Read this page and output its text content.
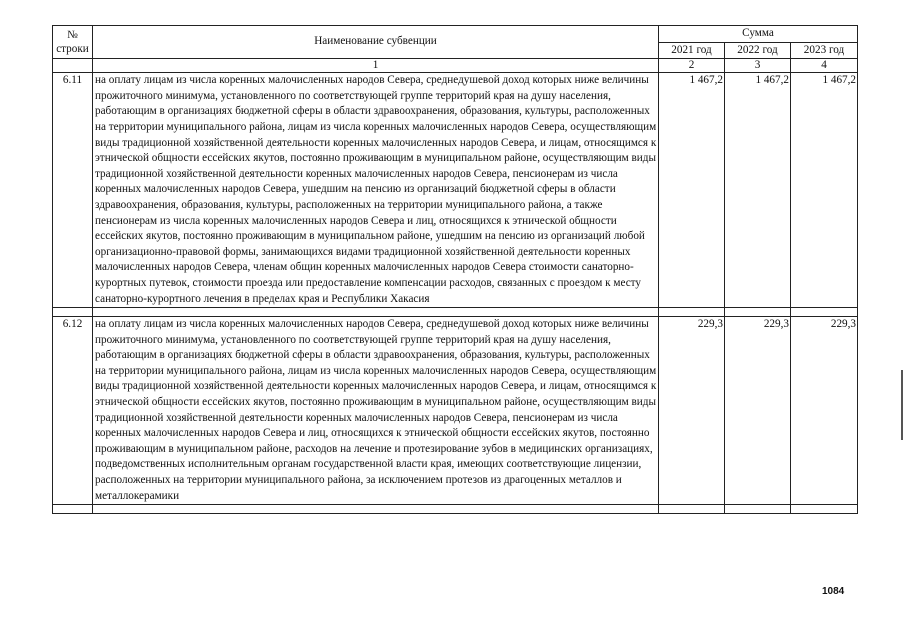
№ строки	Наименование субвенции	Сумма		
		2021 год	2022 год	2023 год
	1	2	3	4
6.11	на оплату лицам из числа коренных малочисленных народов Севера, среднедушевой доход которых ниже величины прожиточного минимума, установленного по соответствующей группе территорий края на душу населения, работающим в организациях бюджетной сферы в области здравоохранения, образования, культуры, расположенных на территории муниципального района, лицам из числа коренных малочисленных народов Севера, осуществляющим виды традиционной хозяйственной деятельности коренных малочисленных народов Севера, и лицам, относящимся к этнической общности ессейских якутов, постоянно проживающим в муниципальном районе, осуществляющим виды традиционной хозяйственной деятельности коренных малочисленных народов Севера, пенсионерам из числа коренных малочисленных народов Севера, ушедшим на пенсию из организаций бюджетной сферы в области здравоохранения, образования, культуры, расположенных на территории муниципального района, а также пенсионерам из числа коренных малочисленных народов Севера и лиц, относящихся к этнической общности ессейских якутов, постоянно проживающим в муниципальном районе, ушедшим на пенсию из организаций любой организационно-правовой формы, занимающихся видами традиционной хозяйственной деятельности коренных малочисленных народов Севера, членам общин коренных малочисленных народов Севера стоимости санаторно-курортных путевок, стоимости проезда или предоставление компенсации расходов, связанных с проездом к месту санаторно-курортного лечения в пределах края и Республики Хакасия	1 467,2	1 467,2	1 467,2

6.12	на оплату лицам из числа коренных малочисленных народов Севера, среднедушевой доход которых ниже величины прожиточного минимума, установленного по соответствующей группе территорий края на душу населения, работающим в организациях бюджетной сферы в области здравоохранения, образования, культуры, расположенных на территории муниципального района, лицам из числа коренных малочисленных народов Севера, осуществляющим виды традиционной хозяйственной деятельности коренных малочисленных народов Севера, и лицам, относящимся к этнической общности ессейских якутов, постоянно проживающим в муниципальном районе, осуществляющим виды традиционной хозяйственной деятельности коренных малочисленных народов Севера, пенсионерам из числа коренных малочисленных народов Севера и лиц, относящихся к этнической общности ессейских якутов, постоянно проживающим в муниципальном районе, расходов на лечение и протезирование зубов в медицинских организациях, подведомственных исполнительным органам государственной власти края, имеющих соответствующие лицензии, расположенных на территории муниципального района, за исключением протезов из драгоценных металлов и металлокерамики	229,3	229,3	229,3

1084
